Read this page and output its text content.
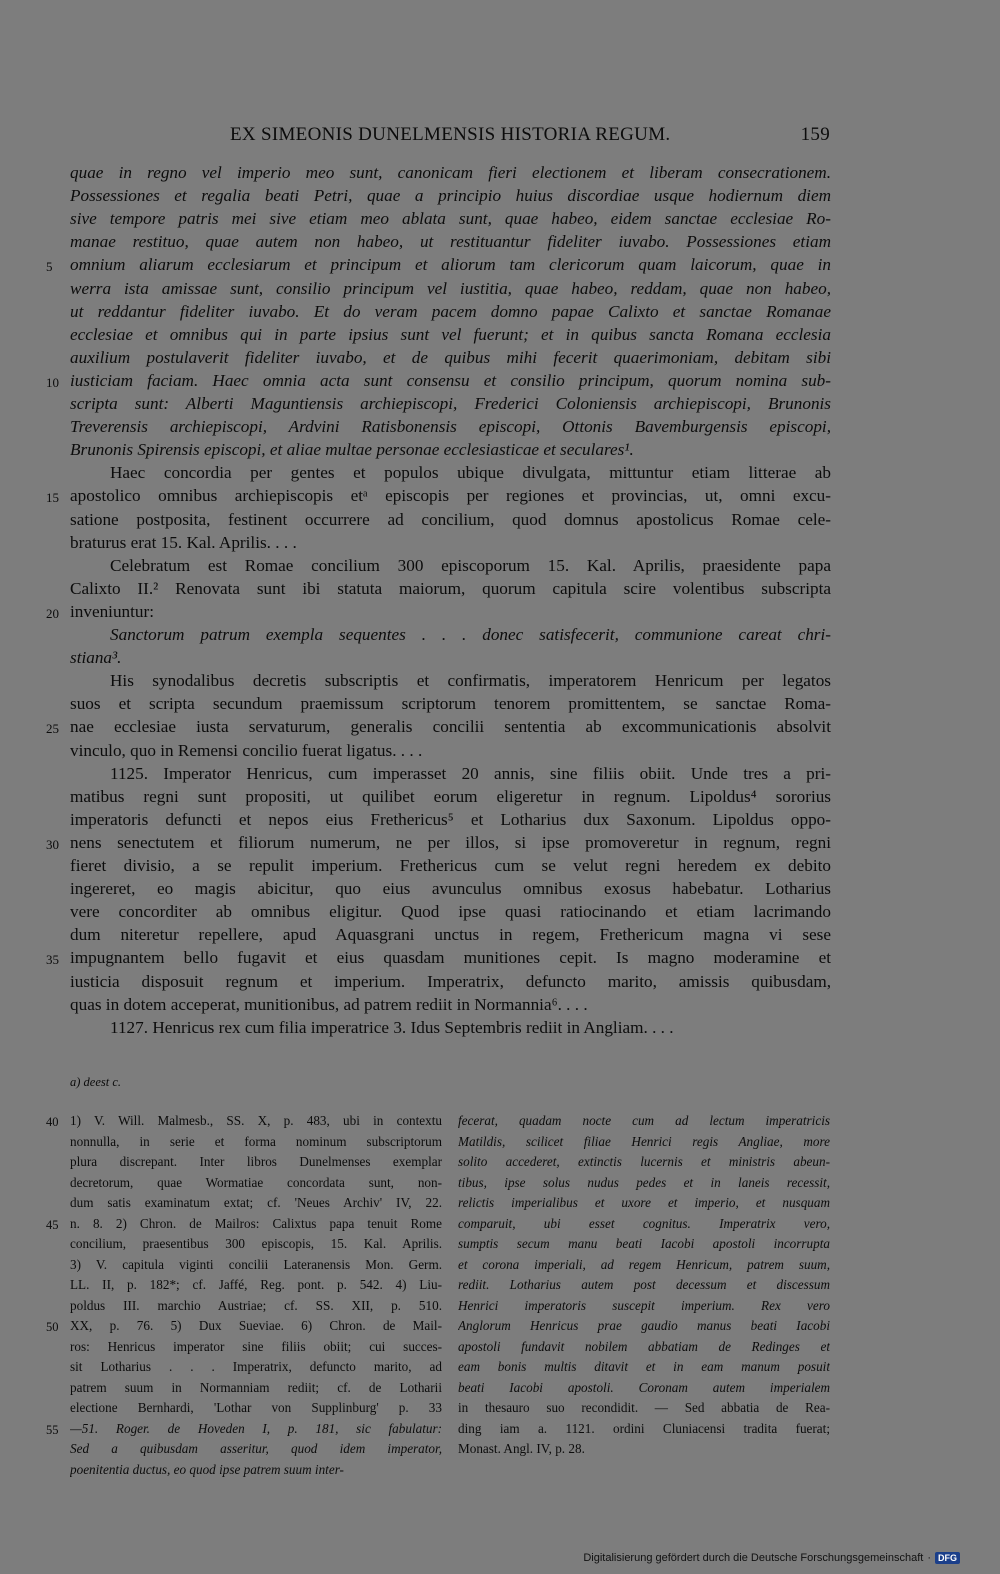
EX SIMEONIS DUNELMENSIS HISTORIA REGUM.	159
quae in regno vel imperio meo sunt, canonicam fieri electionem et liberam consecrationem.
Possessiones et regalia beati Petri, quae a principio huius discordiae usque hodiernum diem
sive tempore patris mei sive etiam meo ablata sunt, quae habeo, eidem sanctae ecclesiae Ro-
manae restituo, quae autem non habeo, ut restituantur fideliter iuvabo. Possessiones etiam
omnium aliarum ecclesiarum et principum et aliorum tam clericorum quam laicorum, quae in
5
werra ista amissae sunt, consilio principum vel iustitia, quae habeo, reddam, quae non habeo,
ut reddantur fideliter iuvabo. Et do veram pacem domno papae Calixto et sanctae Romanae
ecclesiae et omnibus qui in parte ipsius sunt vel fuerunt; et in quibus sancta Romana ecclesia
auxilium postulaverit fideliter iuvabo, et de quibus mihi fecerit quaerimoniam, debitam sibi
iusticiam faciam. Haec omnia acta sunt consensu et consilio principum, quorum nomina sub-
10
scripta sunt: Alberti Maguntiensis archiepiscopi, Frederici Coloniensis archiepiscopi, Brunonis
Treverensis archiepiscopi, Ardvini Ratisbonensis episcopi, Ottonis Bavemburgensis episcopi,
Brunonis Spirensis episcopi, et aliae multae personae ecclesiasticae et seculares¹.
Haec concordia per gentes et populos ubique divulgata, mittuntur etiam litterae ab
apostolico omnibus archiepiscopis etᵃ episcopis per regiones et provincias, ut, omni excu-
15
satione postposita, festinent occurrere ad concilium, quod domnus apostolicus Romae cele-
braturus erat 15. Kal. Aprilis. . . .
Celebratum est Romae concilium 300 episcoporum 15. Kal. Aprilis, praesidente papa
Calixto II.² Renovata sunt ibi statuta maiorum, quorum capitula scire volentibus subscripta
inveniuntur:
20
Sanctorum patrum exempla sequentes . . . donec satisfecerit, communione careat chri-
stiana³.
His synodalibus decretis subscriptis et confirmatis, imperatorem Henricum per legatos
suos et scripta secundum praemissum scriptorum tenorem promittentem, se sanctae Roma-
nae ecclesiae iusta servaturum, generalis concilii sententia ab excommunicationis absolvit
25
vinculo, quo in Remensi concilio fuerat ligatus. . . .
1125. Imperator Henricus, cum imperasset 20 annis, sine filiis obiit. Unde tres a pri-
matibus regni sunt propositi, ut quilibet eorum eligeretur in regnum. Lipoldus⁴ sororius
imperatoris defuncti et nepos eius Frethericus⁵ et Lotharius dux Saxonum. Lipoldus oppo-
nens senectutem et filiorum numerum, ne per illos, si ipse promoveretur in regnum, regni
30
fieret divisio, a se repulit imperium. Frethericus cum se velut regni heredem ex debito
ingereret, eo magis abicitur, quo eius avunculus omnibus exosus habebatur. Lotharius
vere concorditer ab omnibus eligitur. Quod ipse quasi ratiocinando et etiam lacrimando
dum niteretur repellere, apud Aquasgrani unctus in regem, Frethericum magna vi sese
impugnantem bello fugavit et eius quasdam munitiones cepit. Is magno moderamine et
35
iusticia disposuit regnum et imperium. Imperatrix, defuncto marito, amissis quibusdam,
quas in dotem acceperat, munitionibus, ad patrem rediit in Normannia⁶. . . .
1127. Henricus rex cum filia imperatrice 3. Idus Septembris rediit in Angliam. . . .
a) deest c.
1) V. Will. Malmesb., SS. X, p. 483, ubi in contextu
40
nonnulla, in serie et forma nominum subscriptorum
plura discrepant. Inter libros Dunelmenses exemplar
decretorum, quae Wormatiae concordata sunt, non-
dum satis examinatum extat; cf. 'Neues Archiv' IV, 22.
n. 8. 2) Chron. de Mailros: Calixtus papa tenuit Rome
45
concilium, praesentibus 300 episcopis, 15. Kal. Aprilis.
3) V. capitula viginti concilii Lateranensis Mon. Germ.
LL. II, p. 182*; cf. Jaffé, Reg. pont. p. 542. 4) Liu-
poldus III. marchio Austriae; cf. SS. XII, p. 510.
XX, p. 76. 5) Dux Sueviae. 6) Chron. de Mail-
50
ros: Henricus imperator sine filiis obiit; cui succes-
sit Lotharius . . . Imperatrix, defuncto marito, ad
patrem suum in Normanniam rediit; cf. de Lotharii
electione Bernhardi, 'Lothar von Supplinburg' p. 33
—51. Roger. de Hoveden I, p. 181, sic fabulatur:
55
Sed a quibusdam asseritur, quod idem imperator,
poenitentia ductus, eo quod ipse patrem suum inter-
fecerat, quadam nocte cum ad lectum imperatricis
Matildis, scilicet filiae Henrici regis Angliae, more
solito accederet, extinctis lucernis et ministris abeun-
tibus, ipse solus nudus pedes et in laneis recessit,
relictis imperialibus et uxore et imperio, et nusquam
comparuit, ubi esset cognitus. Imperatrix vero,
sumptis secum manu beati Iacobi apostoli incorrupta
et corona imperiali, ad regem Henricum, patrem suum,
rediit. Lotharius autem post decessum et discessum
Henrici imperatoris suscepit imperium. Rex vero
Anglorum Henricus prae gaudio manus beati Iacobi
apostoli fundavit nobilem abbatiam de Redinges et
eam bonis multis ditavit et in eam manum posuit
beati Iacobi apostoli. Coronam autem imperialem
in thesauro suo recondidit. — Sed abbatia de Rea-
ding iam a. 1121. ordini Cluniacensi tradita fuerat;
Monast. Angl. IV, p. 28.
Digitalisierung gefördert durch die Deutsche Forschungsgemeinschaft · DFG
